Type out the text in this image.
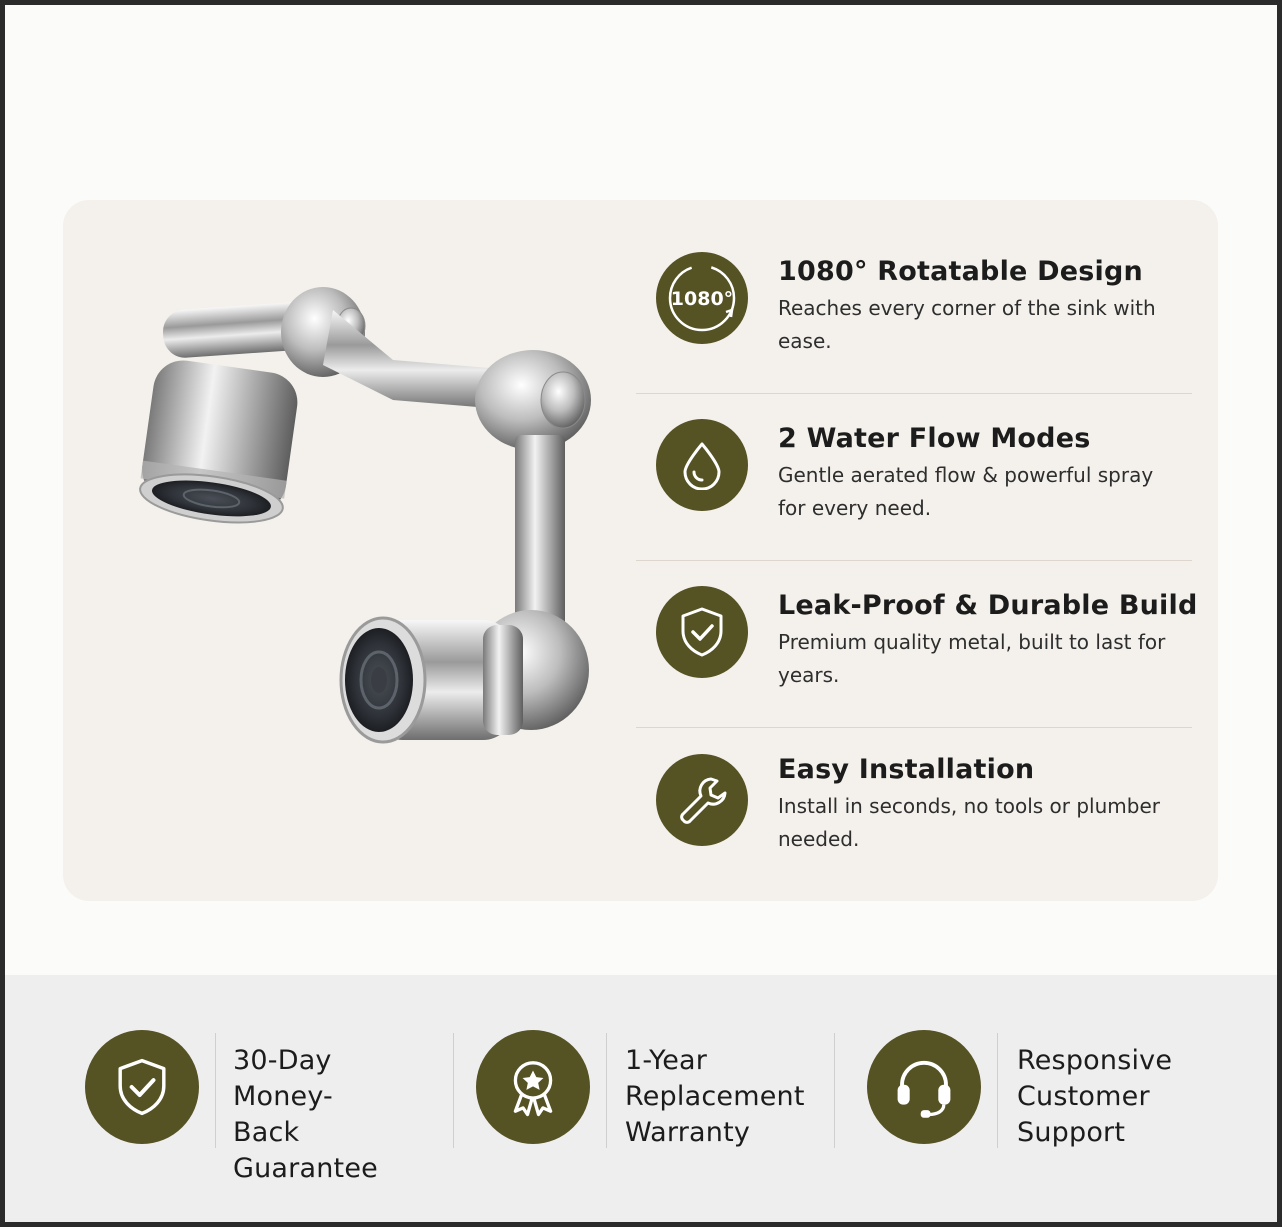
1080°
1080° Rotatable Design
Reaches every corner of the sink with ease.
2 Water Flow Modes
Gentle aerated flow & powerful spray for every need.
Leak-Proof & Durable Build
Premium quality metal, built to last for years.
Easy Installation
Install in seconds, no tools or plumber needed.
30-Day
Money-Back
Guarantee
1-Year
Replacement
Warranty
Responsive
Customer
Support
